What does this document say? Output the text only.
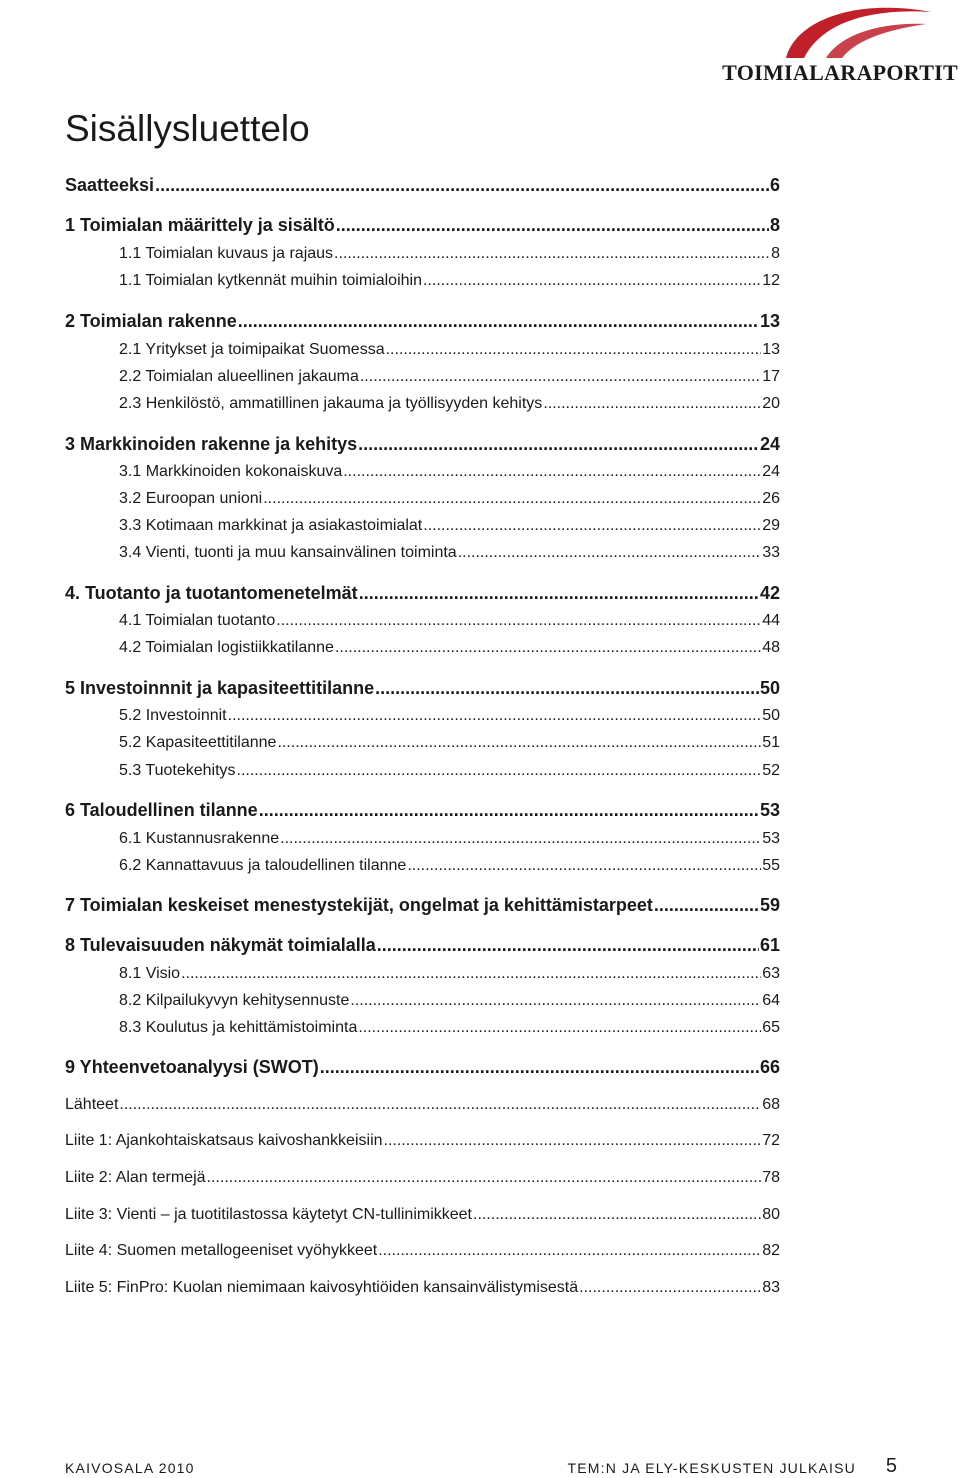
TOIMIALARAPORTIT
Sisällysluettelo
Saatteeksi .....	6
1 Toimialan määrittely ja sisältö .....	8
1.1 Toimialan kuvaus ja rajaus .....	8
1.1 Toimialan kytkennät muihin toimialoihin .....	12
2 Toimialan rakenne .....	13
2.1 Yritykset ja toimipaikat Suomessa .....	13
2.2 Toimialan alueellinen jakauma .....	17
2.3 Henkilöstö, ammatillinen jakauma ja työllisyyden kehitys .....	20
3 Markkinoiden rakenne ja kehitys .....	24
3.1 Markkinoiden kokonaiskuva .....	24
3.2 Euroopan unioni .....	26
3.3 Kotimaan markkinat ja asiakastoimialat .....	29
3.4 Vienti, tuonti ja muu kansainvälinen toiminta .....	33
4. Tuotanto ja tuotantomenetelmät .....	42
4.1 Toimialan tuotanto .....	44
4.2 Toimialan logistiikkatilanne .....	48
5 Investoinnnit ja kapasiteettitilanne .....	50
5.2 Investoinnit .....	50
5.2 Kapasiteettitilanne .....	51
5.3 Tuotekehitys .....	52
6 Taloudellinen tilanne .....	53
6.1 Kustannusrakenne .....	53
6.2 Kannattavuus ja taloudellinen tilanne .....	55
7 Toimialan keskeiset menestystekijät, ongelmat ja kehittämistarpeet .....	59
8 Tulevaisuuden näkymät toimialalla .....	61
8.1 Visio .....	63
8.2 Kilpailukyvyn kehitysennuste .....	64
8.3 Koulutus ja kehittämistoiminta .....	65
9 Yhteenvetoanalyysi (SWOT) .....	66
Lähteet .....	68
Liite 1: Ajankohtaiskatsaus kaivoshankkeisiin .....	72
Liite 2: Alan termejä .....	78
Liite 3: Vienti – ja tuotitilastossa käytetyt CN-tullinimikkeet .....	80
Liite 4: Suomen metallogeeniset vyöhykkeet .....	82
Liite 5: FinPro: Kuolan niemimaan kaivosyhtiöiden kansainvälistymisestä .....	83
KAIVOSALA 2010	TEM:N JA ELY-KESKUSTEN JULKAISU 5
